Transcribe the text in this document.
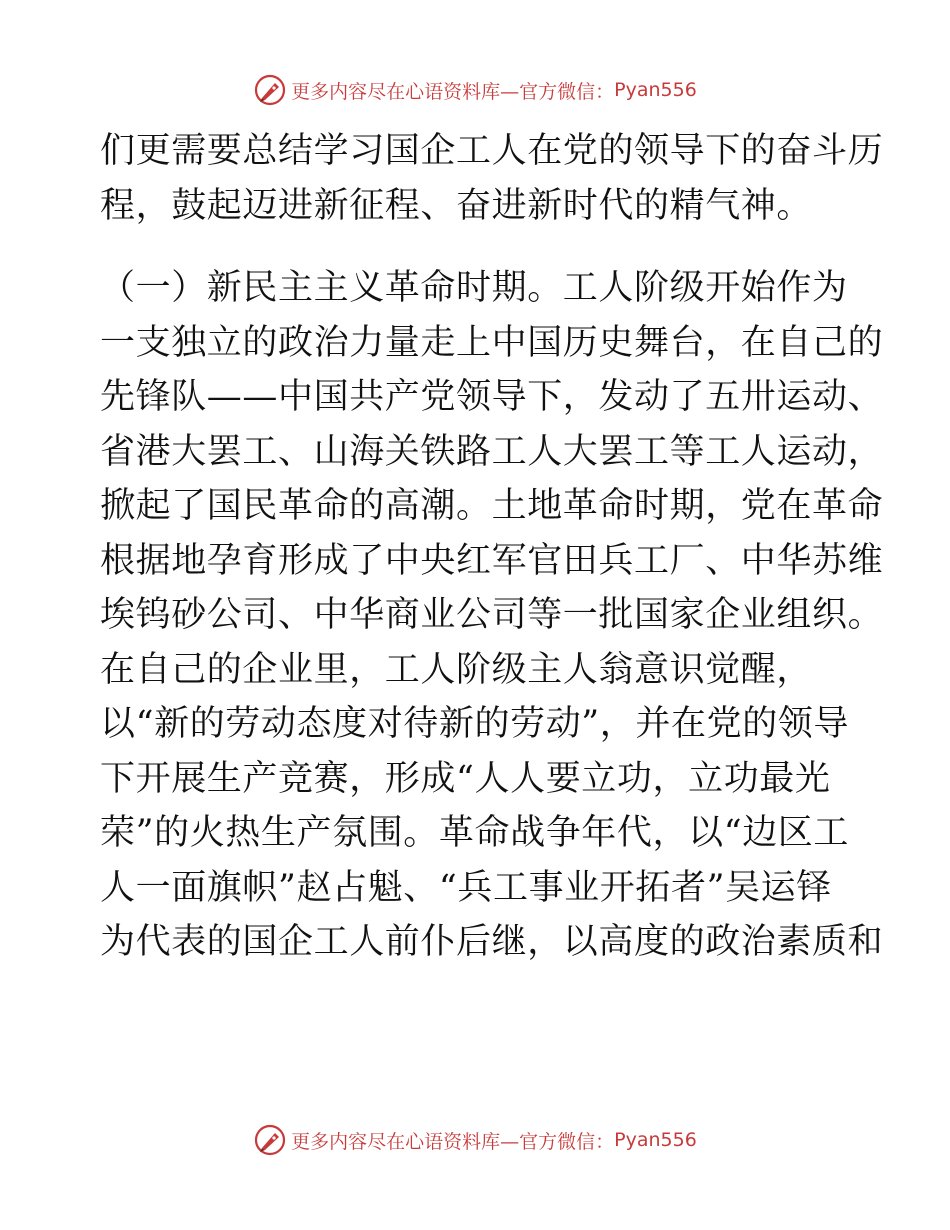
更多内容尽在心语资料库—官方微信： Pyan556
们更需要总结学习国企工人在党的领导下的奋斗历
程，鼓起迈进新征程、奋进新时代的精气神。
（一）新民主主义革命时期。工人阶级开始作为
一支独立的政治力量走上中国历史舞台，在自己的
先锋队——中国共产党领导下，发动了五卅运动、
省港大罢工、山海关铁路工人大罢工等工人运动，
掀起了国民革命的高潮。土地革命时期，党在革命
根据地孕育形成了中央红军官田兵工厂、中华苏维
埃钨砂公司、中华商业公司等一批国家企业组织。
在自己的企业里，工人阶级主人翁意识觉醒，
以“新的劳动态度对待新的劳动”，并在党的领导
下开展生产竞赛，形成“人人要立功，立功最光
荣”的火热生产氛围。革命战争年代，以“边区工
人一面旗帜”赵占魁、“兵工事业开拓者”吴运铎
为代表的国企工人前仆后继，以高度的政治素质和
更多内容尽在心语资料库—官方微信： Pyan556
